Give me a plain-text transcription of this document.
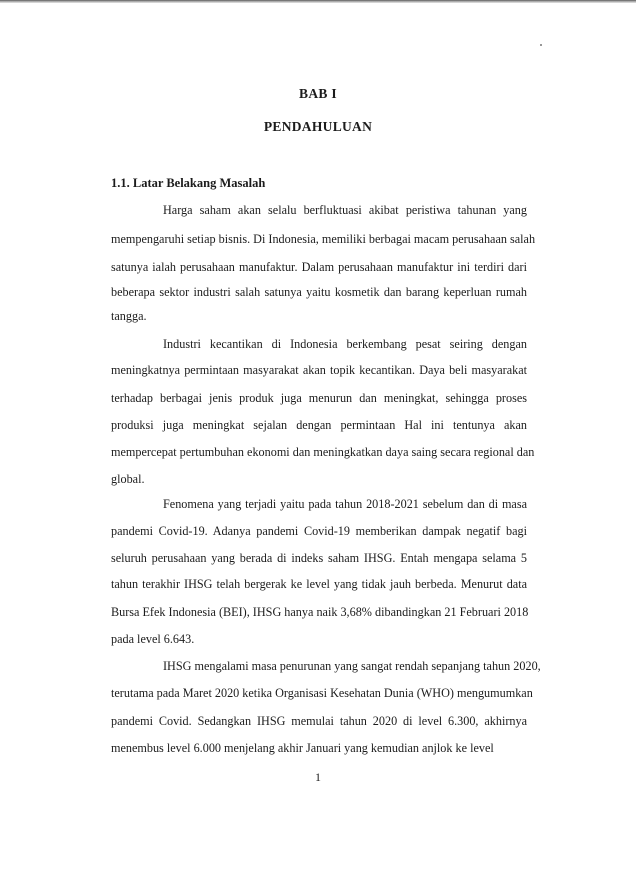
BAB I
PENDAHULUAN
1.1. Latar Belakang Masalah
Harga saham akan selalu berfluktuasi akibat peristiwa tahunan yang
mempengaruhi setiap bisnis. Di Indonesia, memiliki berbagai macam perusahaan salah
satunya ialah perusahaan manufaktur. Dalam perusahaan manufaktur ini terdiri dari
beberapa sektor industri salah satunya yaitu kosmetik dan barang keperluan rumah
tangga.
Industri kecantikan di Indonesia berkembang pesat seiring dengan
meningkatnya permintaan masyarakat akan topik kecantikan. Daya beli masyarakat
terhadap berbagai jenis produk juga menurun dan meningkat, sehingga proses
produksi juga meningkat sejalan dengan permintaan Hal ini tentunya akan
mempercepat pertumbuhan ekonomi dan meningkatkan daya saing secara regional dan
global.
Fenomena yang terjadi yaitu pada tahun 2018-2021 sebelum dan di masa
pandemi Covid-19. Adanya pandemi Covid-19 memberikan dampak negatif bagi
seluruh perusahaan yang berada di indeks saham IHSG. Entah mengapa selama 5
tahun terakhir IHSG telah bergerak ke level yang tidak jauh berbeda. Menurut data
Bursa Efek Indonesia (BEI), IHSG hanya naik 3,68% dibandingkan 21 Februari 2018
pada level 6.643.
IHSG mengalami masa penurunan yang sangat rendah sepanjang tahun 2020,
terutama pada Maret 2020 ketika Organisasi Kesehatan Dunia (WHO) mengumumkan
pandemi Covid. Sedangkan IHSG memulai tahun 2020 di level 6.300, akhirnya
menembus level 6.000 menjelang akhir Januari yang kemudian anjlok ke level
1
